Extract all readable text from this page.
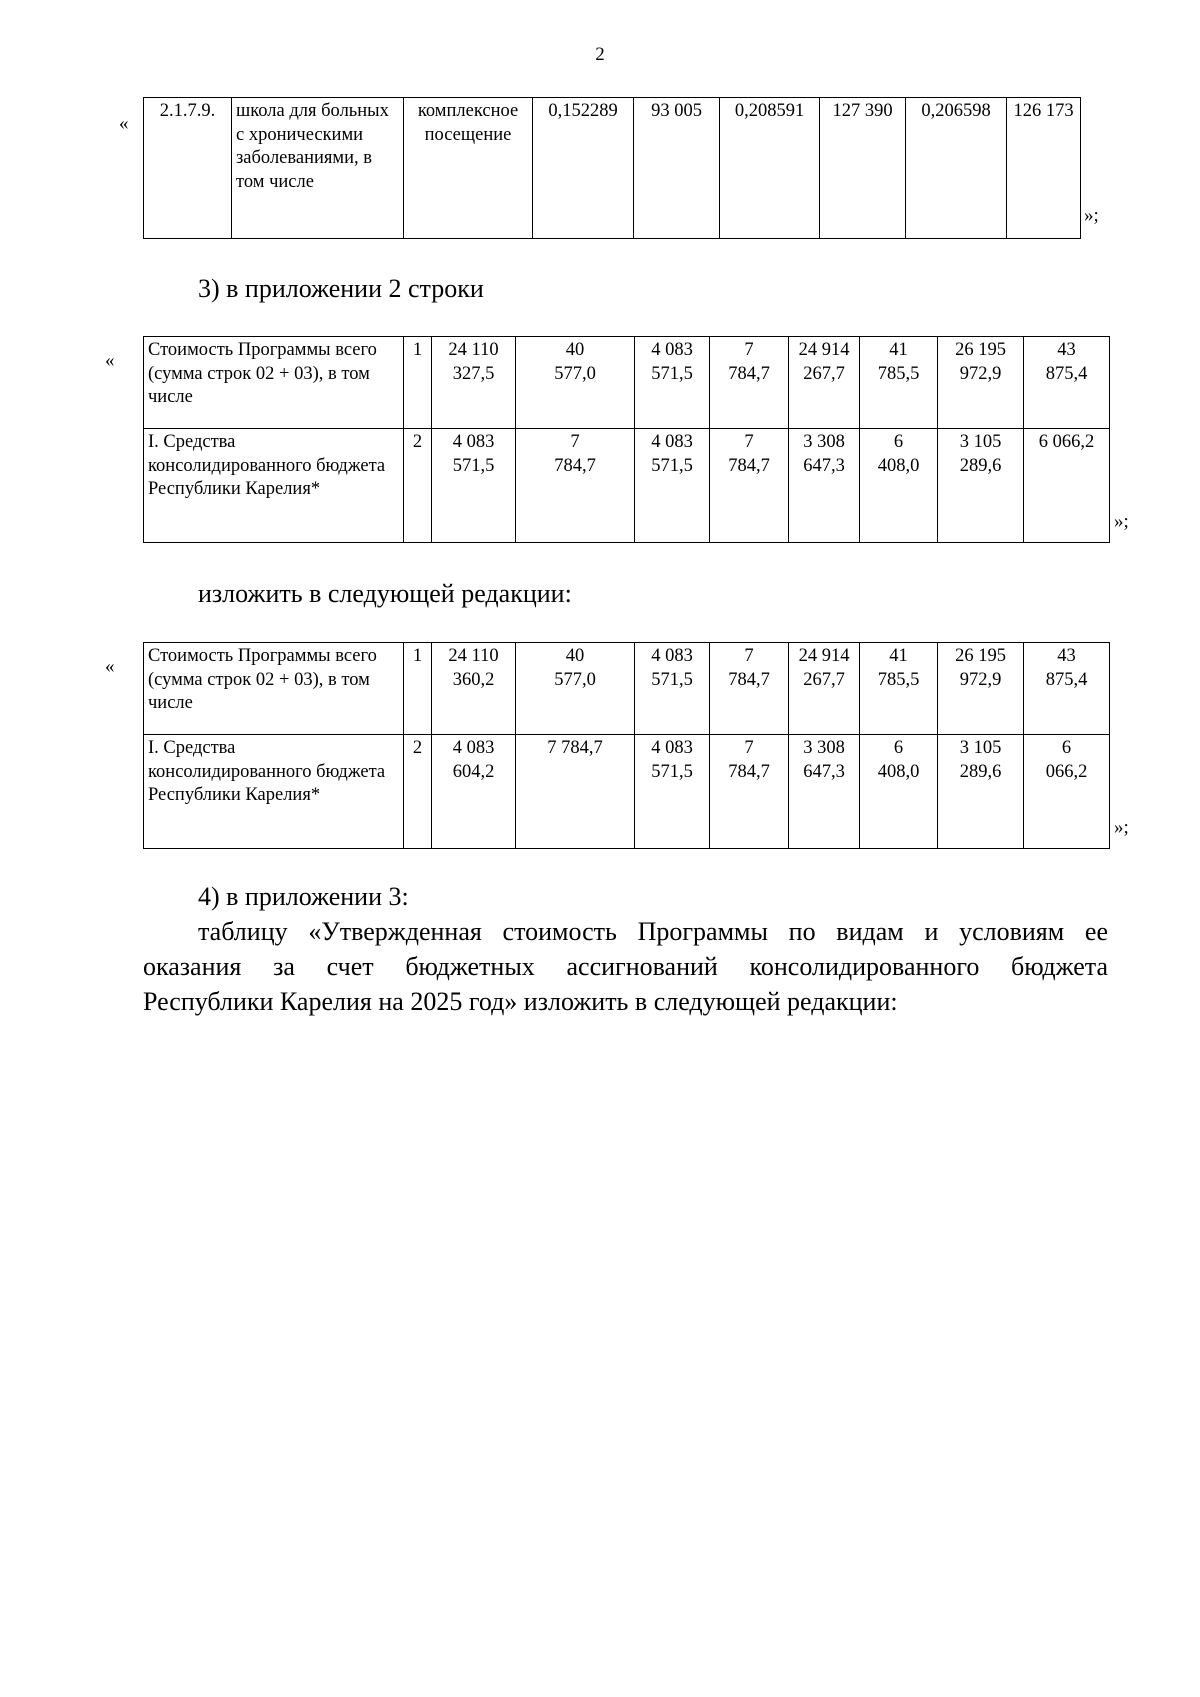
2
«
2.1.7.9.	школа для больных с хроническими заболеваниями, в том числе	комплексное посещение	0,152289	93 005	0,208591	127 390	0,206598	126 173
»;
3) в приложении 2 строки
« Стоимость Программы всего (сумма строк 02 + 03), в том числе	1	24 110 327,5	40 577,0	4 083 571,5	7 784,7	24 914 267,7	41 785,5	26 195 972,9	43 875,4
I. Средства консолидированного бюджета Республики Карелия*	2	4 083 571,5	7 784,7	4 083 571,5	7 784,7	3 308 647,3	6 408,0	3 105 289,6	6 066,2
»;
изложить в следующей редакции:
« Стоимость Программы всего (сумма строк 02 + 03), в том числе	1	24 110 360,2	40 577,0	4 083 571,5	7 784,7	24 914 267,7	41 785,5	26 195 972,9	43 875,4
I. Средства консолидированного бюджета Республики Карелия*	2	4 083 604,2	7 784,7	4 083 571,5	7 784,7	3 308 647,3	6 408,0	3 105 289,6	6 066,2
»;
4) в приложении 3:
таблицу «Утвержденная стоимость Программы по видам и условиям ее
оказания за счет бюджетных ассигнований консолидированного бюджета
Республики Карелия на 2025 год» изложить в следующей редакции:
